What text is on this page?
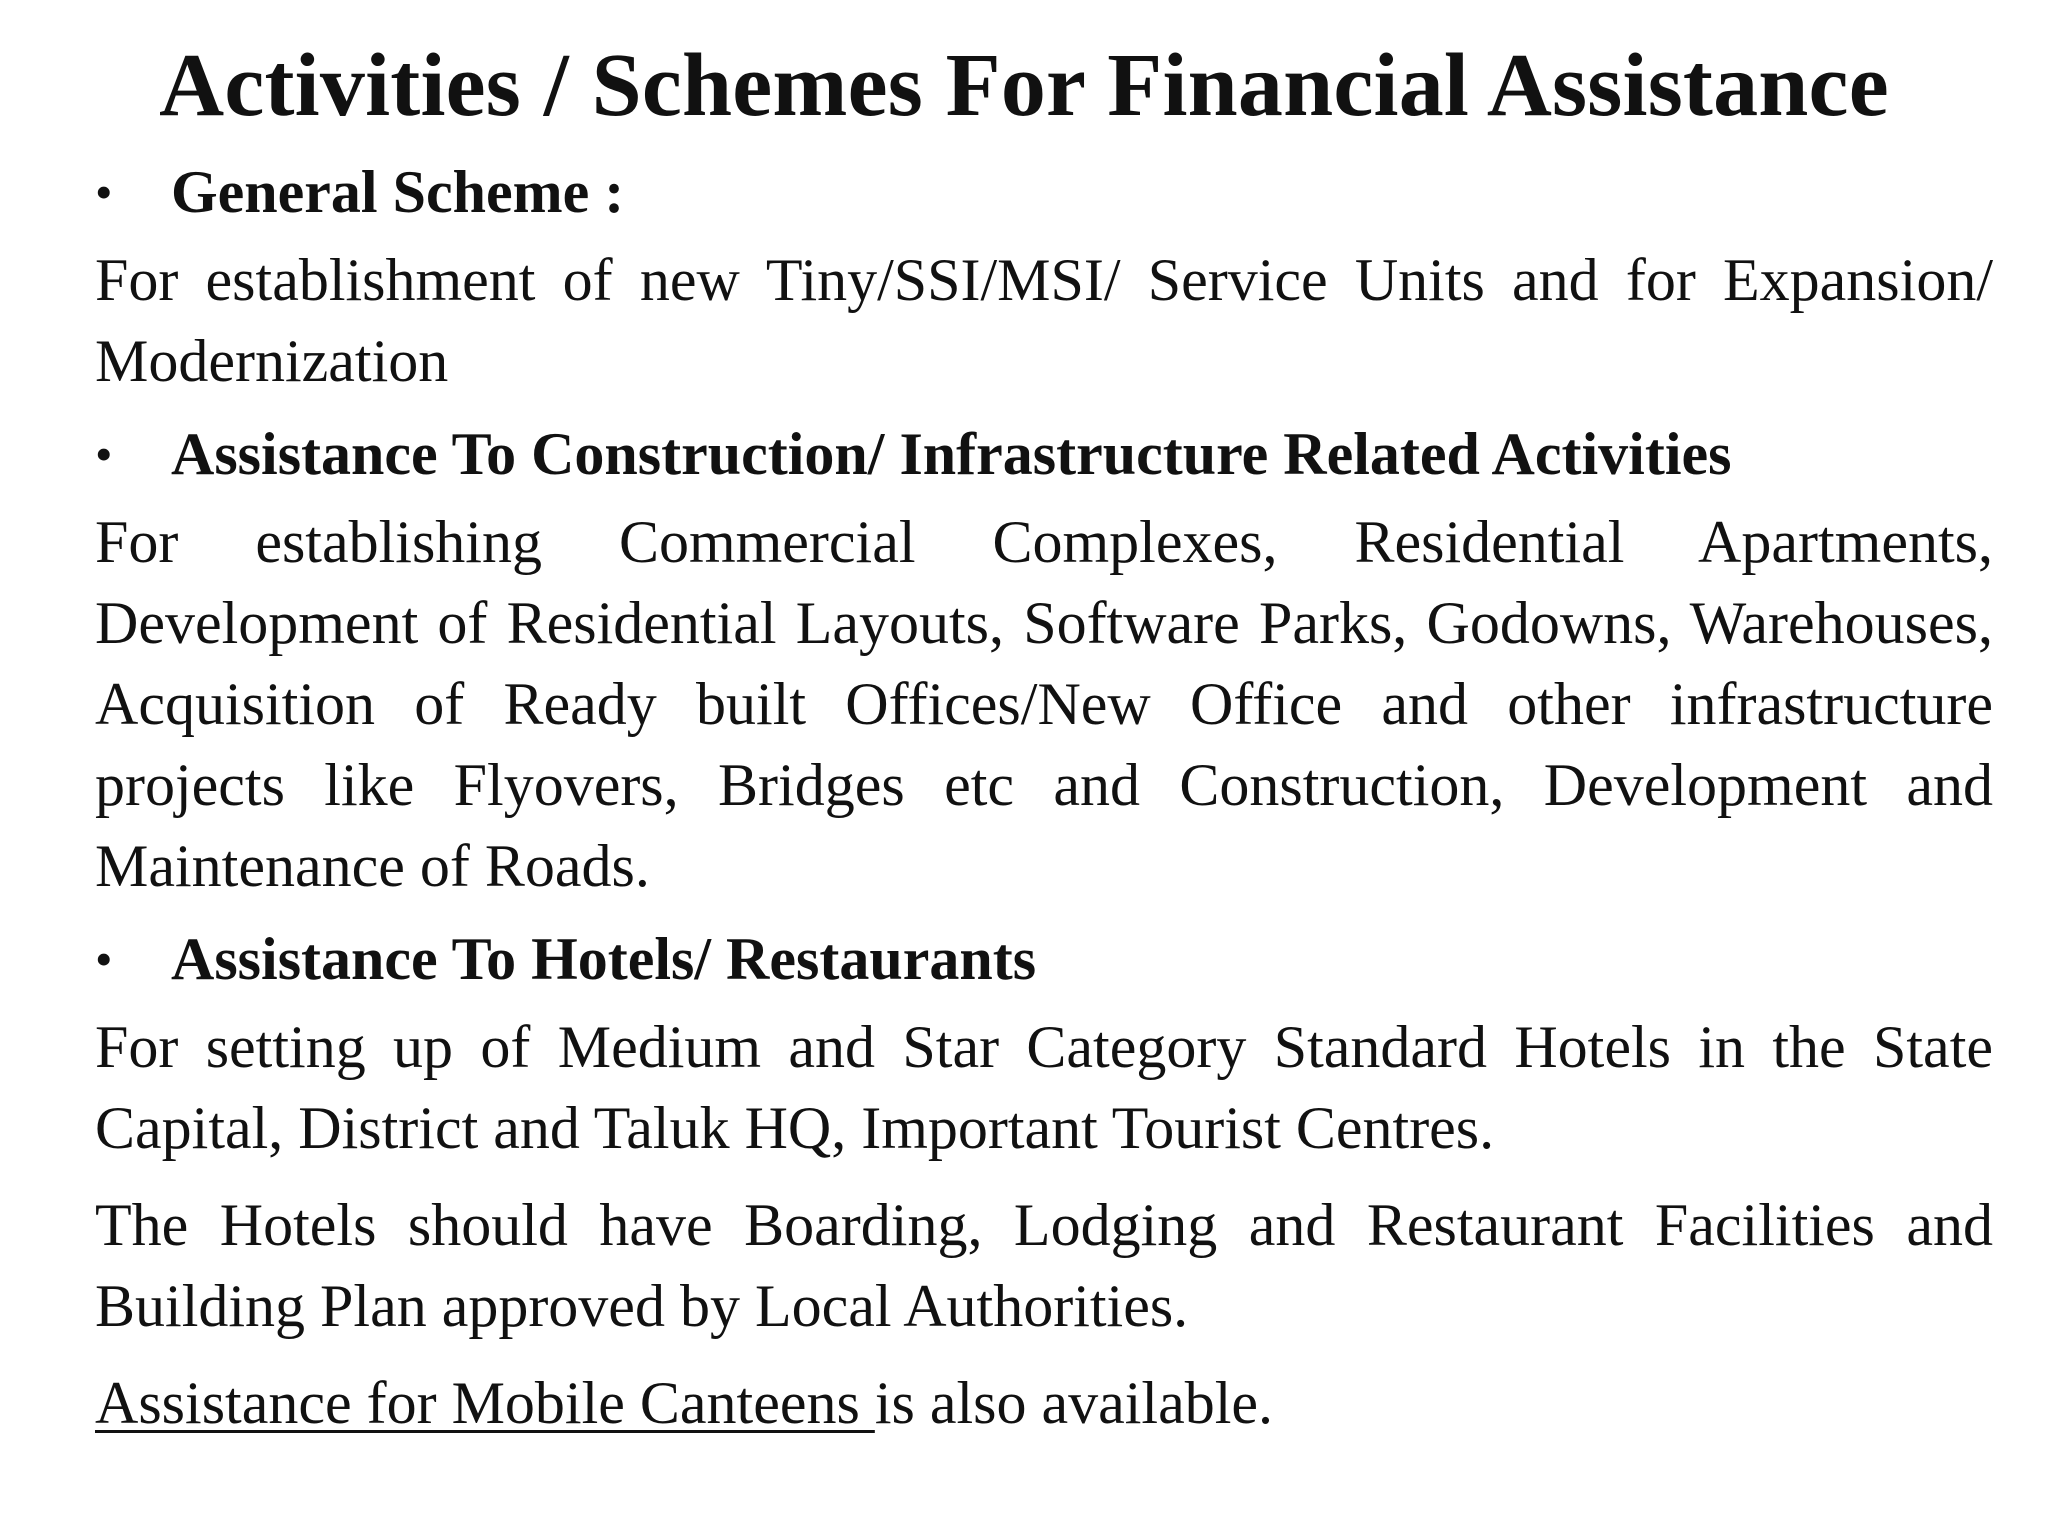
Activities / Schemes For Financial Assistance
• General Scheme :
For establishment of new Tiny/SSI/MSI/ Service Units and for Expansion/ Modernization
• Assistance To Construction/ Infrastructure Related Activities
For establishing Commercial Complexes, Residential Apartments, Development of Residential Layouts, Software Parks, Godowns, Warehouses, Acquisition of Ready built Offices/New Office and other infrastructure projects like Flyovers, Bridges etc and Construction, Development and Maintenance of Roads.
• Assistance To Hotels/ Restaurants
For setting up of Medium and Star Category Standard Hotels in the State Capital, District and Taluk HQ, Important Tourist Centres.
The Hotels should have Boarding, Lodging and Restaurant Facilities and Building Plan approved by Local Authorities.
Assistance for Mobile Canteens is also available.
